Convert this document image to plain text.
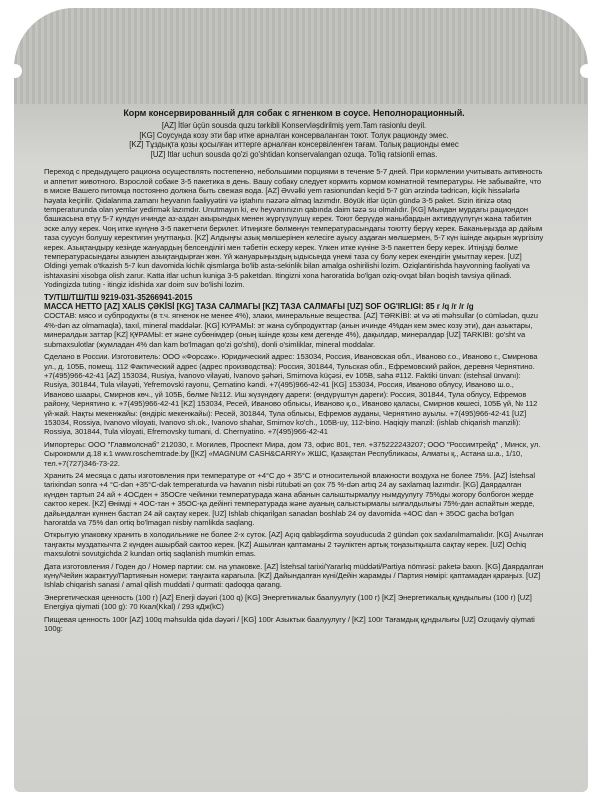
Корм консервированный для собак с ягненком в соусе. Неполнорационный.
[AZ] İtlər üçün sousda quzu tərkibli Konservləşdirilmiş yem.Tam rasionlu deyil.
[KG] Соусунда козу эти бар итке арналган консерваланган тоют. Толук рационду эмес.
[KZ] Тұздықта қозы қосылған иттерге арналған консервіленген тағам. Толық рационды емес
[UZ] Itlar uchun sousda qo'zi go'shtidan konservalangan ozuqa. To'liq ratsionli emas.

Переход с предыдущего рациона осуществлять постепенно, небольшими порциями в течение 5-7 дней. При кормлении учитывать активность и аппетит животного. Взрослой собаке 3-5 пакетика в день. Вашу собаку следует кормить кормом комнатной температуры. Не забывайте, что в миске Вашего питомца постоянно должна быть свежая вода. [AZ] Əvvəlki yem rasionundan keçid 5-7 gün ərzində tədricən, kiçik hissələrlə həyata keçirilir. Qidalanma zamanı heyvanın fəaliyyətini və iştahını nəzərə almaq lazımdır. Böyük itlər üçün gündə 3-5 paket. Sizin itinizə otaq temperaturunda olan yemlər yedirmək lazımdır. Unutmayın ki, ev heyvanınızın qabında daim təzə su olmalıdır. [KG] Мындан мурдагы рациондон башкасына өтүү 5-7 күндүн ичинде аз-аздан акырындык менен жүргүзүлүшү керек. Тоют берүүдө жаныбардын активдүүлүгүн жана табитин эске алуу керек. Чоң итке күнүнө 3-5 пакетчеги берилет. Итиңизге бөлмөнүн температурасындагы тоютту берүү керек. Баканыңызда ар дайым таза суусун болушу керектигин унутпаңыз. [KZ] Алдыңғы азық мөлшерінен келесіге ауысу аздаған мөлшермен, 5-7 күн ішінде ақырын жүргізілу керек. Азықтандыру кезінде жануардың белсенділігі мен тәбетін ескеру керек. Үлкен итке күніне 3-5 пакеттен беру керек. Итіңізді бөлме температурасындағы азықпен азықтандырған жөн. Үй жануарыңыздың ыдысында үнемі таза су болу керек екендігін ұмытпау керек. [UZ] Oldingi yemak o'tkazish 5-7 kun davomida kichik qismlarga bo'lib asta-sekinlik bilan amalga oshirilishi lozim. Oziqlantirishda hayvonning faoliyati va ishtaxasini xisobga olish zarur. Katta itlar uchun kuniga 3-5 paketdan. Itingizni xona haroratida bo'lgan oziq-ovqat bilan boqish tavsiya qilinadi. Yodingizda tuting - itingiz idishida xar doim suv bo'lishi lozim.

ТУ/ТШ/ТШ/ТШ 9219-031-35266941-2015
МАССА НЕТТО [AZ] XALIS ÇƏKİSİ [KG] ТАЗА САЛМАГЫ [KZ] ТАЗА САЛМАҒЫ [UZ] SOF OG'IRLIGI: 85 г /q /г /г /g

СОСТАВ: мясо и субпродукты (в т.ч. ягненок не менее 4%), злаки, минеральные вещества. [AZ] TƏRKİBİ: ət və əti məhsullar (o cümlədən, quzu 4%-dən az olmamaqla), taxıl, mineral maddələr. [KG] КУРАМЫ: эт жана субпродукттар (анын ичинде 4%дан кем эмес козу эти), дан азыктары, минералдык заттар [KZ] ҚҰРАМЫ: ет және субөнімдер (оның ішінде қозы кем дегенде 4%), дақылдар, минералдар [UZ] TARKIBI: go'sht va submaxsulotlar (жумладан 4% dan kam bo'lmagan qo'zi go'shti), donli o'simliklar, mineral moddalar.

Сделано в России. Изготовитель: ООО «Форсаж». Юридический адрес: 153034, Россия, Ивановская обл., Иваново г.о., Иваново г., Смирнова ул., д. 105Б, помещ. 112 Фактический адрес (адрес производства): Россия, 301844, Тульская обл., Ефремовский район, деревня Чернятино. +7(495)966-42-41 [AZ] 153034, Rusiya, İvanovo vilayəti, İvanovo şəhəri, Smirnova küçəsi, ev 105B, saha #112. Faktiki ünvan: (istehsal ünvanı): Rusiya, 301844, Tula vilayəti, Yefremovski rayonu, Çernatino kəndi. +7(495)966-42-41 [KG] 153034, Россия, Иваново облусу, Иваново ш.о., Иваново шаары, Смирнов көч., үй 105Б, бөлме №112. Иш жүзүндөгү дареги: (өндүрүштүн дареги): Россия, 301844, Тула облусу, Ефремов району, Чернятино к. +7(495)966-42-41 [KZ] 153034, Ресей, Иваново облысы, Иваново қ.о., Иваново қаласы, Смирнов көшесі, 105Б үй, № 112 үй-жай. Нақты мекенжайы: (өндіріс мекенжайы): Ресей, 301844, Тула облысы, Ефремов ауданы, Чернятино ауылы. +7(495)966-42-41 [UZ] 153034, Rossiya, Ivanovo viloyati, Ivanovo sh.ok., Ivanovo shahar, Smirnov ko'ch., 105B-uy, 112-bino. Haqiqiy manzil: (ishlab chiqarish manzili): Rossiya, 301844, Tula viloyati, Efremovsky tumani, d. Chernyatino. +7(495)966-42-41

Импортеры: ООО "Главмолснаб" 212030, г. Могилев, Проспект Мира, дом 73, офис 801, тел. +375222243207; ООО "Россимтрейд" , Минск, ул. Сырокомли д.18 к.1 www.roschemtrade.by [[KZ] «MAGNUM CASH&CARRY» ЖШС, Қазақстан Республикасы, Алматы қ., Астана ш.а., 1/10, тел.+7(727)346-73-22.

Хранить 24 месяца с даты изготовления при температуре от +4°С до + 35°С и относительной влажности воздуха не более 75%. [AZ] İstehsal tarixindən sonra +4 °C-dən +35°C-dək temperaturda və havanın nisbi rütubəti ən çox 75 %-dən artıq 24 ay saxlamaq lazımdır. [KG] Даярдалган күндөн тартып 24 ай + 4ОСден + 35ОСге чейинки температурада жана абанын салыштырмалуу нымдуулугу 75%ды жогору болбогон жерде сактоо керек. [KZ] Өнімді + 4ОС-тан + 35ОС-қа дейінгі температурада және ауаның салыстырмалы ылғалдылығы 75%-дан аспайтын жерде, дайындалған күннен бастап 24 ай сақтау керек. [UZ] Ishlab chiqarilgan sanadan boshlab 24 oy davomida +4ОС dan + 35ОС gacha bo'lgan haroratda va 75% dan ortiq bo'lmagan nisbiy namlikda saqlang.

Открытую упаковку хранить в холодильнике не более 2-х суток. [AZ] Açıq qabləşdirma soyuducuda 2 gündən çox saxlanılmamalıdır. [KG] Ачылган таңгакты муздаткычта 2 күндөн ашырбай сактоо керек. [KZ] Ашылған қаптаманы 2 тәуліктен артық тоңазытқышта сақтау керек. [UZ] Ochiq maxsulotni sovutgichda 2 kundan ortiq saqlanish mumkin emas.

Дата изготовления / Годен до / Номер партии: см. на упаковке. [AZ] İstehsal tarixi/Yararlıq müddəti/Partiya nömrəsi: paketə baxın. [KG] Даярдалган күнү/Чейин жарактуу/Партиянын номери: таңгакта карагыла. [KZ] Дайындалған күні/Дейін жарамды / Партия нөмірі: қаптамадан қараңыз. [UZ] Ishlab chiqarish sanasi / amal qilish muddati / qurmati: qadoqqa qarang.

Энергетическая ценность (100 г) [AZ] Enerji dəyəri (100 q) [KG] Энергетикалык баалуулугу (100 г) [KZ] Энергетикалық құндылығы (100 г) [UZ] Energiya qiymati (100 g): 70 Ккал(Kkal) / 293 кДж(kC)

Пищевая ценность 100г [AZ] 100q məhsulda qida dəyəri / [KG] 100г Азыктык баалуулугу / [KZ] 100г Тағамдық құндылығы [UZ] Ozuqaviy qiymati 100g:
